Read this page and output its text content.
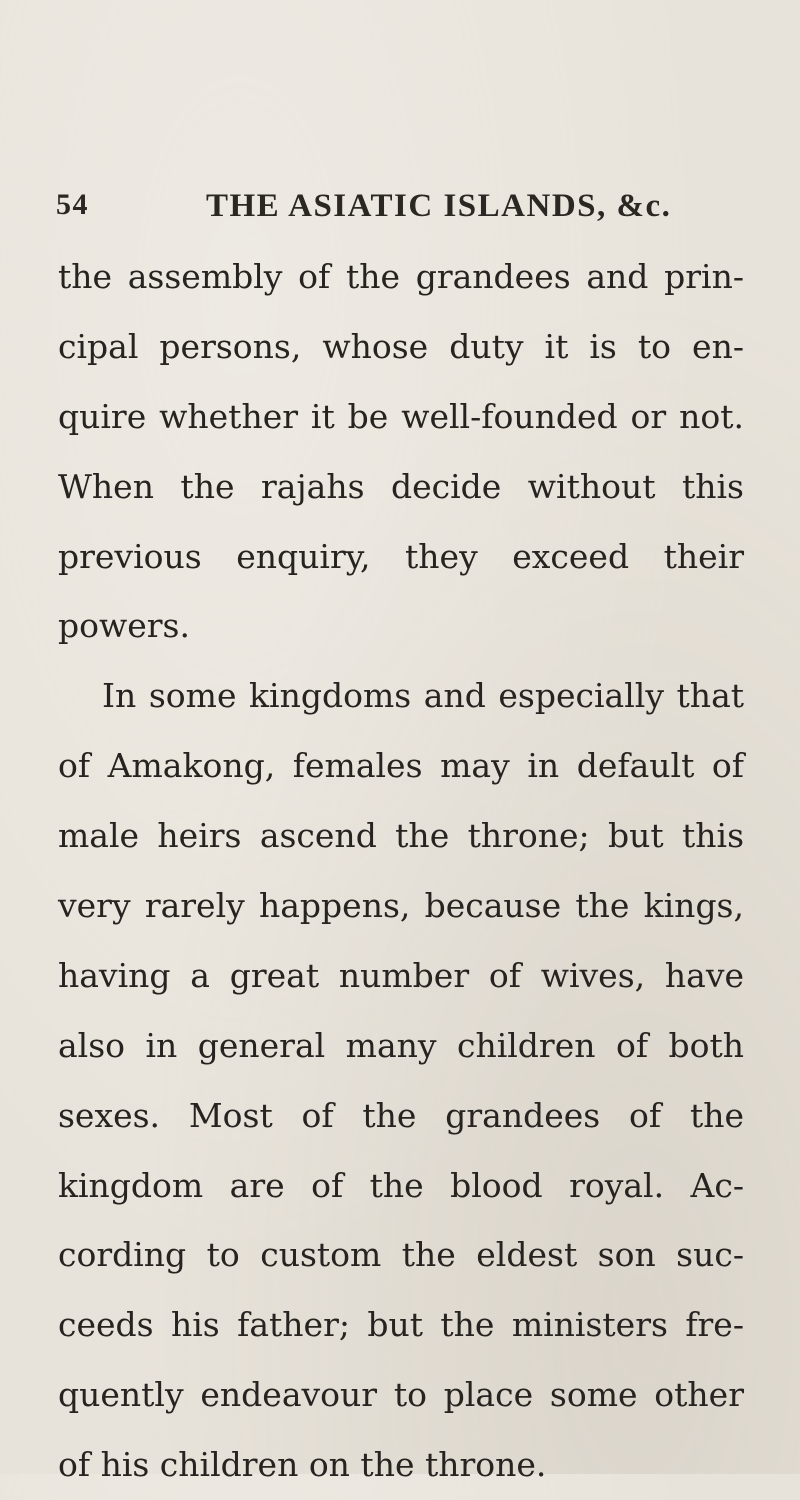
54	THE ASIATIC ISLANDS, &c.
the assembly of the grandees and prin-
cipal persons, whose duty it is to en-
quire whether it be well-founded or not.
When the rajahs decide without this
previous enquiry, they exceed their
powers.
In some kingdoms and especially that
of Amakong, females may in default of
male heirs ascend the throne; but this
very rarely happens, because the kings,
having a great number of wives, have
also in general many children of both
sexes. Most of the grandees of the
kingdom are of the blood royal. Ac-
cording to custom the eldest son suc-
ceeds his father; but the ministers fre-
quently endeavour to place some other
of his children on the throne.
